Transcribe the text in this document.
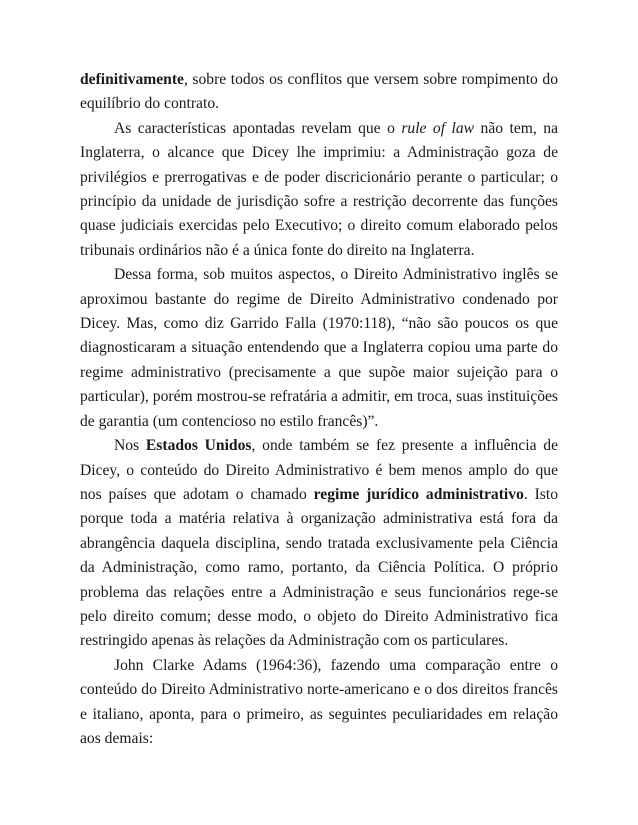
definitivamente, sobre todos os conflitos que versem sobre rompimento do equilíbrio do contrato.

As características apontadas revelam que o rule of law não tem, na Inglaterra, o alcance que Dicey lhe imprimiu: a Administração goza de privilégios e prerrogativas e de poder discricionário perante o particular; o princípio da unidade de jurisdição sofre a restrição decorrente das funções quase judiciais exercidas pelo Executivo; o direito comum elaborado pelos tribunais ordinários não é a única fonte do direito na Inglaterra.

Dessa forma, sob muitos aspectos, o Direito Administrativo inglês se aproximou bastante do regime de Direito Administrativo condenado por Dicey. Mas, como diz Garrido Falla (1970:118), “não são poucos os que diagnosticaram a situação entendendo que a Inglaterra copiou uma parte do regime administrativo (precisamente a que supõe maior sujeição para o particular), porém mostrou-se refratária a admitir, em troca, suas instituições de garantia (um contencioso no estilo francês)”.

Nos Estados Unidos, onde também se fez presente a influência de Dicey, o conteúdo do Direito Administrativo é bem menos amplo do que nos países que adotam o chamado regime jurídico administrativo. Isto porque toda a matéria relativa à organização administrativa está fora da abrangência daquela disciplina, sendo tratada exclusivamente pela Ciência da Administração, como ramo, portanto, da Ciência Política. O próprio problema das relações entre a Administração e seus funcionários rege-se pelo direito comum; desse modo, o objeto do Direito Administrativo fica restringido apenas às relações da Administração com os particulares.

John Clarke Adams (1964:36), fazendo uma comparação entre o conteúdo do Direito Administrativo norte-americano e o dos direitos francês e italiano, aponta, para o primeiro, as seguintes peculiaridades em relação aos demais:
